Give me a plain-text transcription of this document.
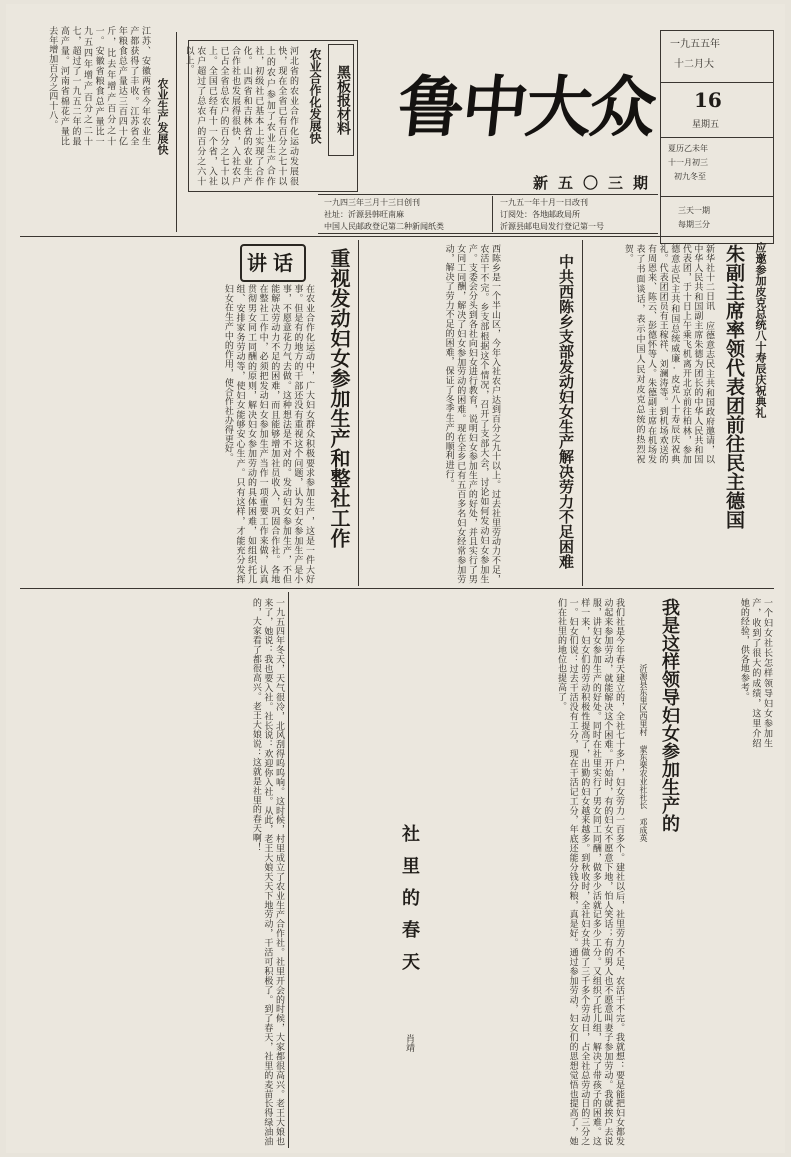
鲁中大众
新五〇三期
一九五五年
十二月大
16
星期五
夏历乙未年
十一月初三
初九冬至
三天一期
每期三分
一九四三年三月十三日创刊
社址：沂源县韩旺南麻
中国人民邮政登记第二种新闻纸类
一九五一年十月一日改刊
订阅处：各地邮政局所
沂源县邮电局发行登记第一号
黑板报材料
农业合作化发展快
河北省的农业合作化运动发展很快，现在全省已有百分之七十以上的农户参加了农业生产合作社，初级社已基本上实现了合作化。山西省和吉林省的农业生产合作社也发展得很快，入社农户已占全省总农户的百分之七十以上。全国已经有十一个省，入社农户超过了总农户的百分之六十以上。
农业生产发展快
江苏、安徽两省今年农业生产都获得了丰收。江苏省全年粮食总产量达三百四十亿斤，比去年增产百分之十一。安徽省粮食总产量比一九五四年增产百分之二十七，超过了一九五二年的最高产量。河南省棉花产量比去年增加百分之四十八。
应邀参加皮克总统八十寿辰庆祝典礼
朱副主席率领代表团前往民主德国
新华社十二日讯 应德意志民主共和国政府邀请，以中华人民共和国副主席朱德为团长的中华人民共和国代表团，于十日上午乘飞机离开北京前往柏林，参加德意志民主共和国总统威廉·皮克八十寿辰庆祝典礼。代表团团员有王稼祥、刘澜涛等。到机场欢送的有周恩来、陈云、彭德怀等人。朱德副主席在机场发表了书面谈话，表示中国人民对皮克总统的热烈祝贺。
中共西陈乡支部发动妇女生产解决劳力不足困难
西陈乡是一个半山区，今年入社农户达到百分之九十以上。过去社里劳动力不足，农活干不完。乡支部根据这个情况，召开了支部大会，讨论如何发动妇女参加生产。支委会分头到各社向妇女进行教育，说明妇女参加生产的好处，并且实行了男女同工同酬，解决了妇女参加劳动的困难。现在全乡已有五百多名妇女经常参加劳动，解决了劳力不足的困难，保证了冬季生产的顺利进行。
讲话	重视发动妇女参加生产和整社工作
在农业合作化运动中，广大妇女群众积极要求参加生产，这是一件大好事。但是有的地方的干部还没有重视这个问题，认为妇女参加生产是小事，不愿意花力气去做。这种想法是不对的。发动妇女参加生产，不但能解决劳动力不足的困难，而且能够增加社员收入，巩固合作社。各地在整社工作中，必须把发动妇女参加生产当作一项重要工作来做，认真贯彻男女同工同酬的原则，解决妇女参加劳动的具体困难，如组织托儿组、安排家务劳动等，使妇女能够安心生产。只有这样，才能充分发挥妇女在生产中的作用，使合作社办得更好。
我是这样领导妇女参加生产的
沂源县东里区西里村 蒙东栗农业社社长 邓成英	一个妇女社长怎样领导妇女参加生产，收到了很大的成绩，这里介绍她的经验，供各地参考。
我们社是今年春天建立的，全社七十多户，妇女劳力一百多个。建社以后，社里劳力不足，农活干不完。我就想：要是能把妇女都发动起来参加劳动，就能解决这个困难。开始时，有的妇女不愿意下地，怕人笑话；有的男人也不愿意叫妻子参加劳动。我就挨户去说服，讲妇女参加生产的好处。同时在社里实行了男女同工同酬，做多少活就记多少工分。又组织了托儿组，解决了带孩子的困难。这样一来，妇女们的劳动积极性提高了，出勤的妇女越来越多。到秋收时，全社妇女共做了三千多个劳动日，占全社总劳动日的三分之一。妇女们说：过去干活没有工分，现在干活记工分，年底还能分钱分粮，真是好。通过参加劳动，妇女们的思想觉悟也提高了，她们在社里的地位也提高了。
社里的春天
肖靖
一九五四年冬天，天气很冷，北风刮得呜呜响。这时候，村里成立了农业生产合作社。社里开会的时候，大家都很高兴。老王大娘也来了，她说：我也要入社。社长说：欢迎你入社。从此，老王大娘天天下地劳动，干活可积极了。到了春天，社里的麦苗长得绿油油的，大家看了都很高兴。老王大娘说：这就是社里的春天啊！
